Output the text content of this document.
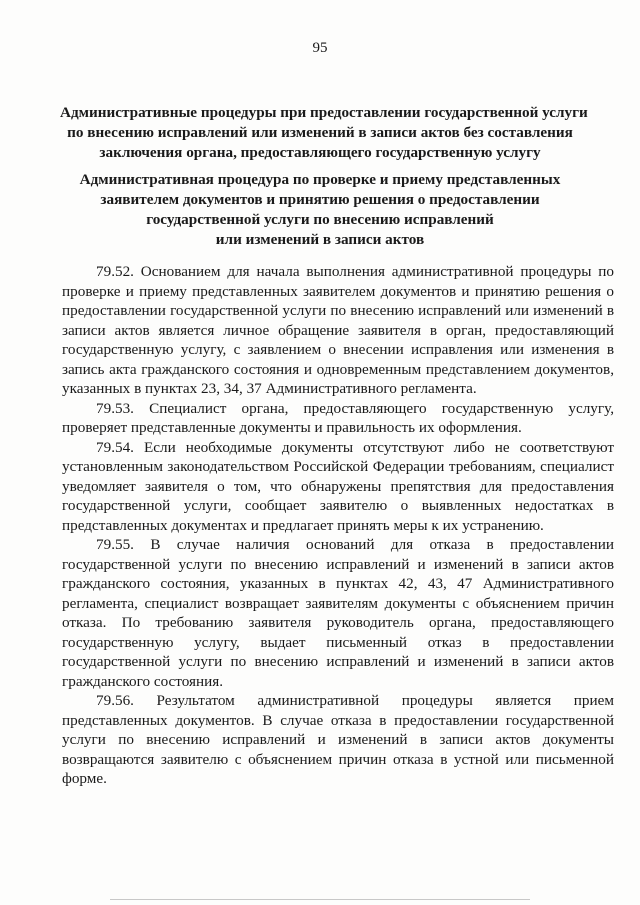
95
Административные процедуры при предоставлении государственной услуги
по внесению исправлений или изменений в записи актов без составления
заключения органа, предоставляющего государственную услугу
Административная процедура по проверке и приему представленных
заявителем документов и принятию решения о предоставлении
государственной услуги по внесению исправлений
или изменений в записи актов

79.52. Основанием для начала выполнения административной процедуры по проверке и приему представленных заявителем документов и принятию решения о предоставлении государственной услуги по внесению исправлений или изменений в записи актов является личное обращение заявителя в орган, предоставляющий государственную услугу, с заявлением о внесении исправления или изменения в запись акта гражданского состояния и одновременным представлением документов, указанных в пунктах 23, 34, 37 Административного регламента.

79.53. Специалист органа, предоставляющего государственную услугу, проверяет представленные документы и правильность их оформления.

79.54. Если необходимые документы отсутствуют либо не соответствуют установленным законодательством Российской Федерации требованиям, специалист уведомляет заявителя о том, что обнаружены препятствия для предоставления государственной услуги, сообщает заявителю о выявленных недостатках в представленных документах и предлагает принять меры к их устранению.

79.55. В случае наличия оснований для отказа в предоставлении государственной услуги по внесению исправлений и изменений в записи актов гражданского состояния, указанных в пунктах 42, 43, 47 Административного регламента, специалист возвращает заявителям документы с объяснением причин отказа. По требованию заявителя руководитель органа, предоставляющего государственную услугу, выдает письменный отказ в предоставлении государственной услуги по внесению исправлений и изменений в записи актов гражданского состояния.

79.56. Результатом административной процедуры является прием представленных документов. В случае отказа в предоставлении государственной услуги по внесению исправлений и изменений в записи актов документы возвращаются заявителю с объяснением причин отказа в устной или письменной форме.
